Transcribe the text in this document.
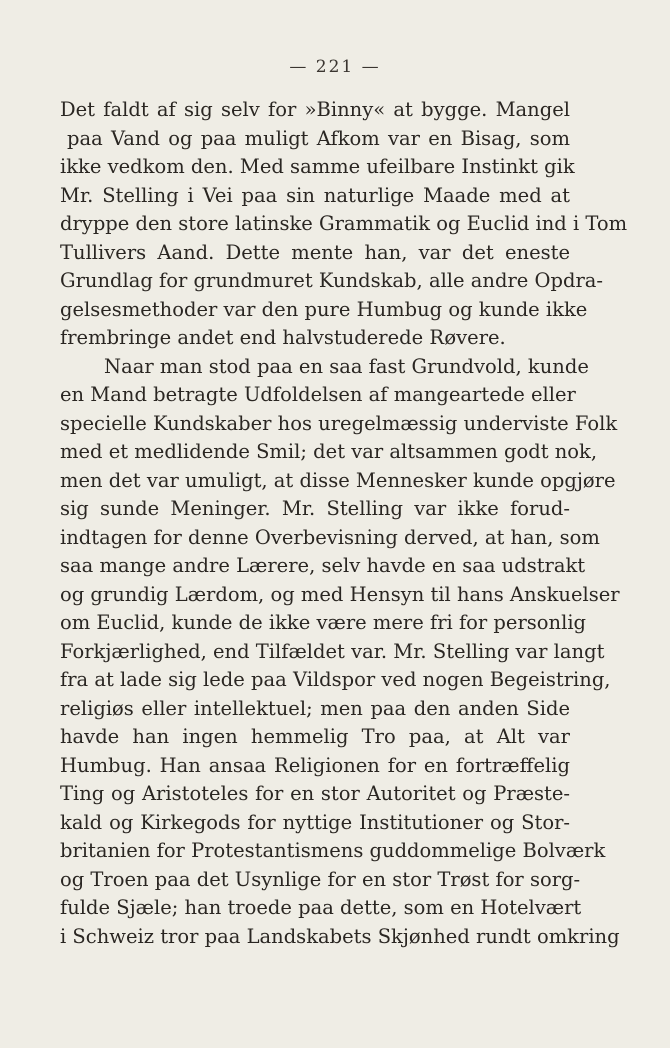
— 221 —
Det faldt af sig selv for »Binny« at bygge. Mangel
paa Vand og paa muligt Afkom var en Bisag, som
ikke vedkom den. Med samme ufeilbare Instinkt gik
Mr. Stelling i Vei paa sin naturlige Maade med at
dryppe den store latinske Grammatik og Euclid ind i Tom
Tullivers Aand. Dette mente han, var det eneste
Grundlag for grundmuret Kundskab, alle andre Opdra-
gelsesmethoder var den pure Humbug og kunde ikke
frembringe andet end halvstuderede Røvere.
Naar man stod paa en saa fast Grundvold, kunde
en Mand betragte Udfoldelsen af mangeartede eller
specielle Kundskaber hos uregelmæssig underviste Folk
med et medlidende Smil; det var altsammen godt nok,
men det var umuligt, at disse Mennesker kunde opgjøre
sig sunde Meninger. Mr. Stelling var ikke forud-
indtagen for denne Overbevisning derved, at han, som
saa mange andre Lærere, selv havde en saa udstrakt
og grundig Lærdom, og med Hensyn til hans Anskuelser
om Euclid, kunde de ikke være mere fri for personlig
Forkjærlighed, end Tilfældet var. Mr. Stelling var langt
fra at lade sig lede paa Vildspor ved nogen Begeistring,
religiøs eller intellektuel; men paa den anden Side
havde han ingen hemmelig Tro paa, at Alt var
Humbug. Han ansaa Religionen for en fortræffelig
Ting og Aristoteles for en stor Autoritet og Præste-
kald og Kirkegods for nyttige Institutioner og Stor-
britanien for Protestantismens guddommelige Bolværk
og Troen paa det Usynlige for en stor Trøst for sorg-
fulde Sjæle; han troede paa dette, som en Hotelvært
i Schweiz tror paa Landskabets Skjønhed rundt omkring
